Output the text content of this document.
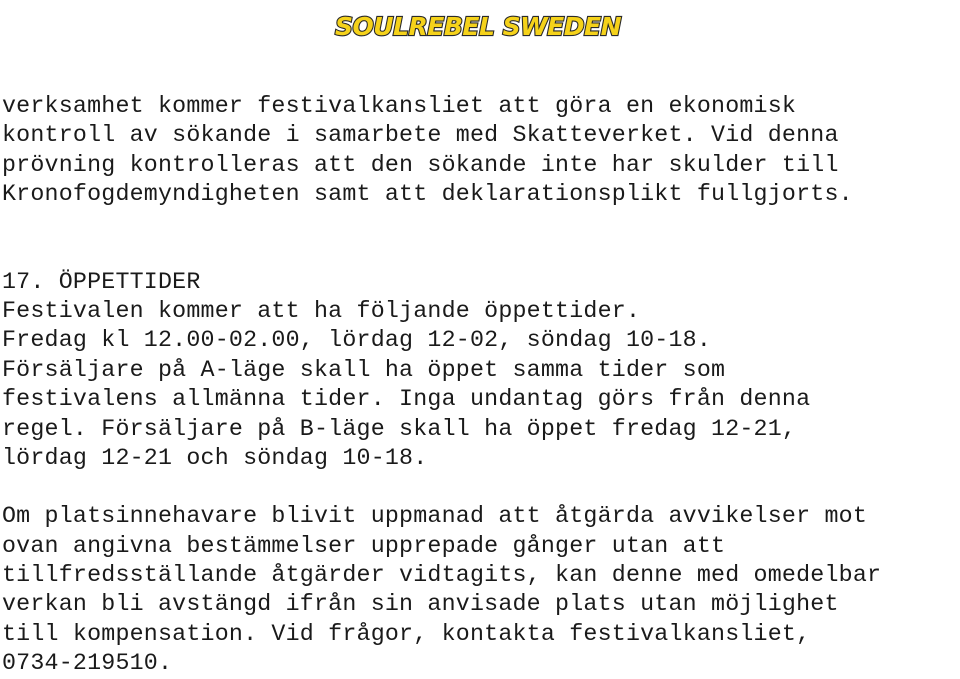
SOULREBEL SWEDEN
verksamhet kommer festivalkansliet att göra en ekonomisk
kontroll av sökande i samarbete med Skatteverket. Vid denna
prövning kontrolleras att den sökande inte har skulder till
Kronofogdemyndigheten samt att deklarationsplikt fullgjorts.
17. ÖPPETTIDER
Festivalen kommer att ha följande öppettider.
Fredag kl 12.00-02.00, lördag 12-02, söndag 10-18.
Försäljare på A-läge skall ha öppet samma tider som
festivalens allmänna tider. Inga undantag görs från denna
regel. Försäljare på B-läge skall ha öppet fredag 12-21,
lördag 12-21 och söndag 10-18.
Om platsinnehavare blivit uppmanad att åtgärda avvikelser mot
ovan angivna bestämmelser upprepade gånger utan att
tillfredsställande åtgärder vidtagits, kan denne med omedelbar
verkan bli avstängd ifrån sin anvisade plats utan möjlighet
till kompensation. Vid frågor, kontakta festivalkansliet,
0734-219510.
